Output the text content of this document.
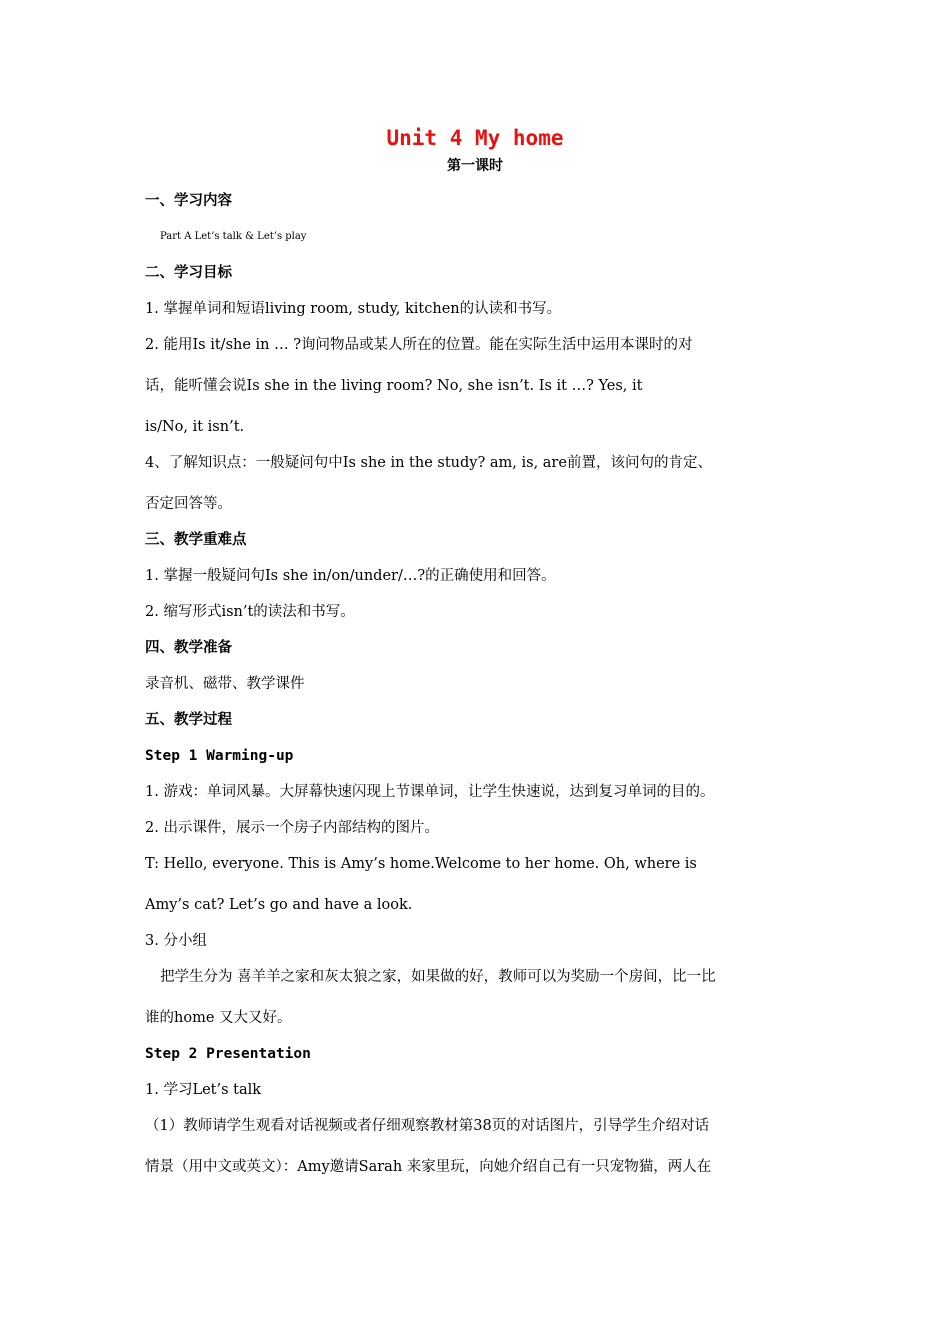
Unit 4 My home
第一课时
一、学习内容
Part A Let’s talk & Let’s play
二、学习目标
1. 掌握单词和短语living room, study, kitchen的认读和书写。
2. 能用Is it/she in … ?询问物品或某人所在的位置。能在实际生活中运用本课时的对
话，能听懂会说Is she in the living room? No, she isn’t. Is it …? Yes, it
is/No, it isn’t.
4、了解知识点：一般疑问句中Is she in the study? am, is, are前置，该问句的肯定、
否定回答等。
三、教学重难点
1. 掌握一般疑问句Is she in/on/under/…?的正确使用和回答。
2. 缩写形式isn’t的读法和书写。
四、教学准备
录音机、磁带、教学课件
五、教学过程
Step 1 Warming-up
1. 游戏：单词风暴。大屏幕快速闪现上节课单词，让学生快速说，达到复习单词的目的。
2. 出示课件，展示一个房子内部结构的图片。
T: Hello, everyone. This is Amy’s home.Welcome to her home. Oh, where is
Amy’s cat? Let’s go and have a look.
3. 分小组
把学生分为 喜羊羊之家和灰太狼之家，如果做的好，教师可以为奖励一个房间，比一比
谁的home 又大又好。
Step 2 Presentation
1. 学习Let’s talk
（1）教师请学生观看对话视频或者仔细观察教材第38页的对话图片，引导学生介绍对话
情景（用中文或英文）：Amy邀请Sarah 来家里玩，向她介绍自己有一只宠物猫，两人在
